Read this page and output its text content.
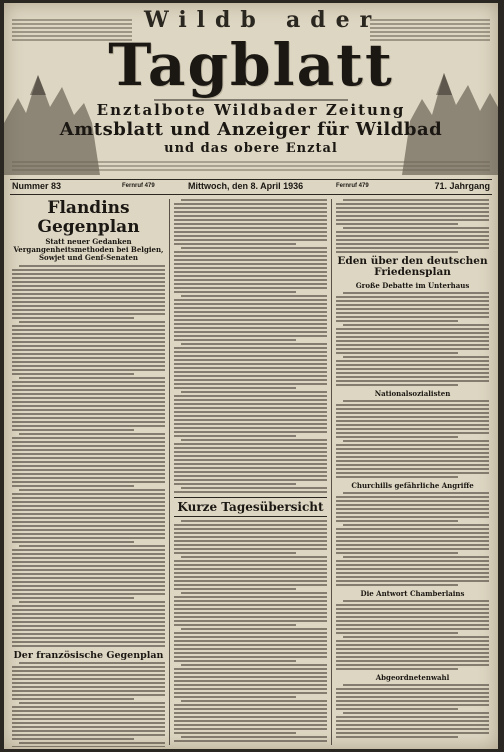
Wildb ader
Tagblatt
Enztalbote Wildbader Zeitung
Amtsblatt und Anzeiger für Wildbad
und das obere Enztal
Nummer 83	Fernruf 479	Mittwoch, den 8. April 1936	Fernruf 479	71. Jahrgang
Flandins Gegenplan
Statt neuer Gedanken Vergangenheitsmethoden bei Belgien, Sowjet und Genf-Senaten
Der französische Gegenplan
Kurze Tagesübersicht
Eden über den deutschen Friedensplan
Große Debatte im Unterhaus
Nationalsozialisten
Churchills gefährliche Angriffe
Die Antwort Chamberlains
Abgeordnetenwahl
